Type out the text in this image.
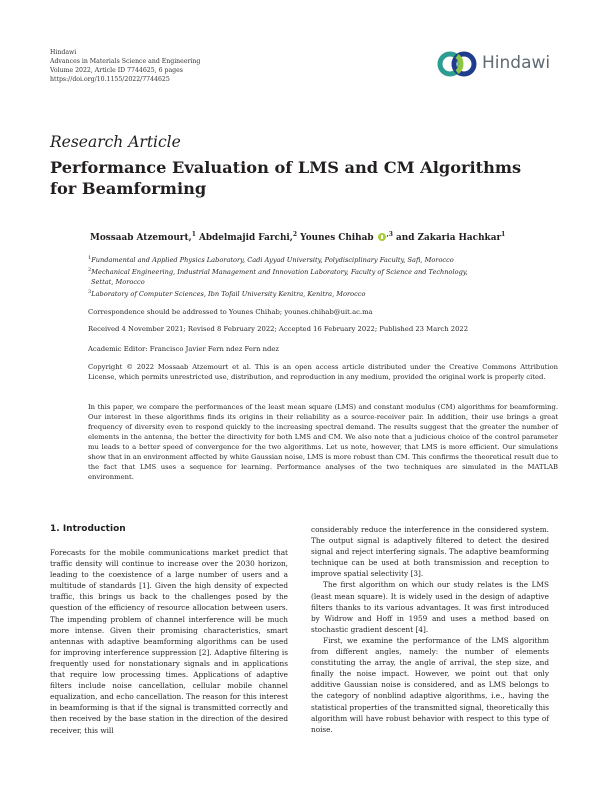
Hindawi
Advances in Materials Science and Engineering
Volume 2022, Article ID 7744625, 6 pages
https://doi.org/10.1155/2022/7744625
Hindawi
Research Article
Performance Evaluation of LMS and CM Algorithms for Beamforming
Mossaab Atzemourt,$^1$ Abdelmajid Farchi,$^2$ Younes Chihab $^{,3}$ and Zakaria Hachkar$^1$

$^1$Fundamental and Applied Physics Laboratory, Cadi Ayyad University, Polydisciplinary Faculty, Safi, Morocco

$^2$Mechanical Engineering, Industrial Management and Innovation Laboratory, Faculty of Science and Technology,

Settat, Morocco

$^3$Laboratory of Computer Sciences, Ibn Tofail University Kenitra, Kenitra, Morocco

Correspondence should be addressed to Younes Chihab; younes.chihab@uit.ac.ma
Received 4 November 2021; Revised 8 February 2022; Accepted 16 February 2022; Published 23 March 2022
Academic Editor: Francisco Javier Fern ndez Fern ndez
Copyright © 2022 Mossaab Atzemourt et al. This is an open access article distributed under the Creative Commons Attribution License, which permits unrestricted use, distribution, and reproduction in any medium, provided the original work is properly cited.
In this paper, we compare the performances of the least mean square (LMS) and constant modulus (CM) algorithms for beamforming. Our interest in these algorithms finds its origins in their reliability as a source-receiver pair. In addition, their use brings a great frequency of diversity even to respond quickly to the increasing spectral demand. The results suggest that the greater the number of elements in the antenna, the better the directivity for both LMS and CM. We also note that a judicious choice of the control parameter mu leads to a better speed of convergence for the two algorithms. Let us note, however, that LMS is more efficient. Our simulations show that in an environment affected by white Gaussian noise, LMS is more robust than CM. This confirms the theoretical result due to the fact that LMS uses a sequence for learning. Performance analyses of the two techniques are simulated in the MATLAB environment.
1. Introduction

Forecasts for the mobile communications market predict that traffic density will continue to increase over the 2030 horizon, leading to the coexistence of a large number of users and a multitude of standards [1]. Given the high density of expected traffic, this brings us back to the challenges posed by the question of the efficiency of resource allocation between users. The impending problem of channel interference will be much more intense. Given their promising characteristics, smart antennas with adaptive beamforming algorithms can be used for improving interference suppression [2]. Adaptive filtering is frequently used for nonstationary signals and in applications that require low processing times. Applications of adaptive filters include noise cancellation, cellular mobile channel equalization, and echo cancellation. The reason for this interest in beamforming is that if the signal is transmitted correctly and then received by the base station in the direction of the desired receiver, this will

considerably reduce the interference in the considered system. The output signal is adaptively filtered to detect the desired signal and reject interfering signals. The adaptive beamforming technique can be used at both transmission and reception to improve spatial selectivity [3].

The first algorithm on which our study relates is the LMS (least mean square). It is widely used in the design of adaptive filters thanks to its various advantages. It was first introduced by Widrow and Hoff in 1959 and uses a method based on stochastic gradient descent [4].

First, we examine the performance of the LMS algorithm from different angles, namely: the number of elements constituting the array, the angle of arrival, the step size, and finally the noise impact. However, we point out that only additive Gaussian noise is considered, and as LMS belongs to the category of nonblind adaptive algorithms, i.e., having the statistical properties of the transmitted signal, theoretically this algorithm will have robust behavior with respect to this type of noise.
